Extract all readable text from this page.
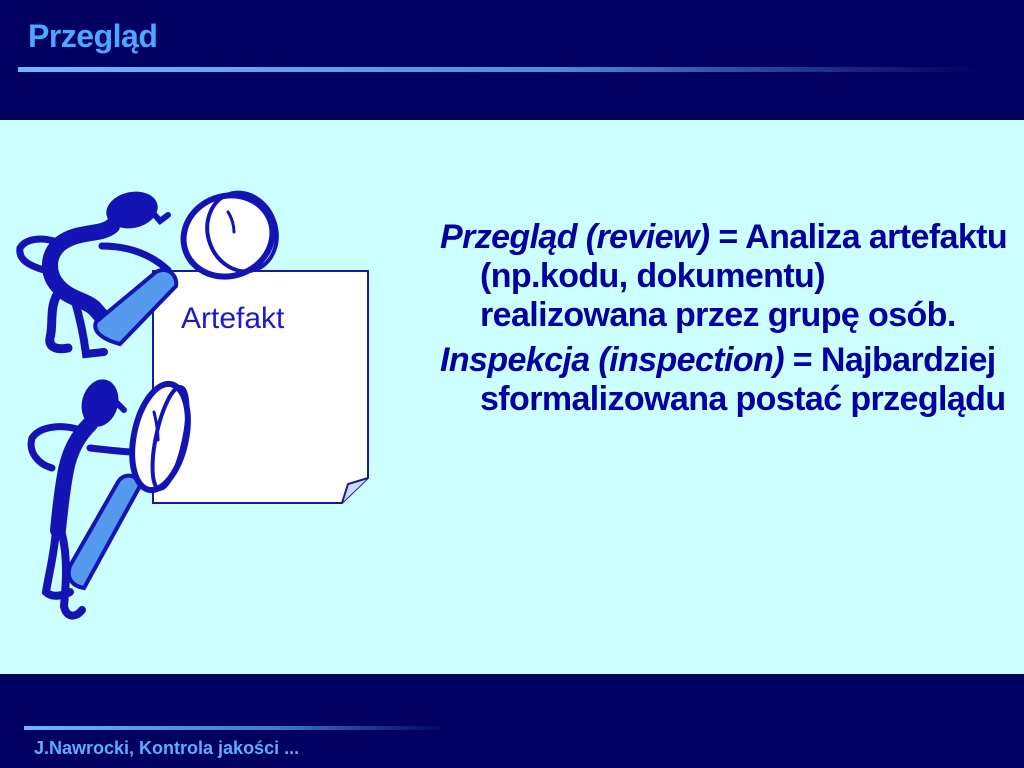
Przegląd
Artefakt
Przegląd (review) = Analiza artefaktu (np.kodu, dokumentu) realizowana przez grupę osób.
Inspekcja (inspection) = Najbardziej sformalizowana postać przeglądu
J.Nawrocki, Kontrola jakości ...
